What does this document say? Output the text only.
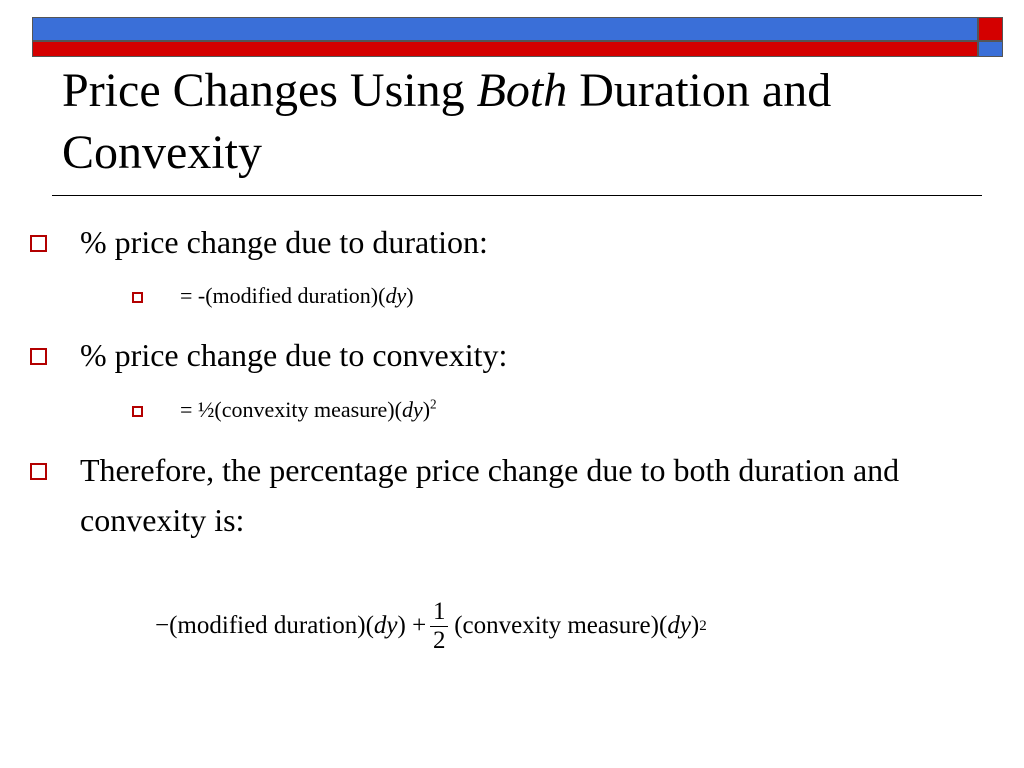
Price Changes Using Both Duration and Convexity
% price change due to duration:
= -(modified duration)(dy)
% price change due to convexity:
= ½(convexity measure)(dy)$^2$
Therefore, the percentage price change due to both duration and convexity is:
−(modified duration)( dy ) + $\frac{1}{2}$ (convexity measure)( dy ) 2
